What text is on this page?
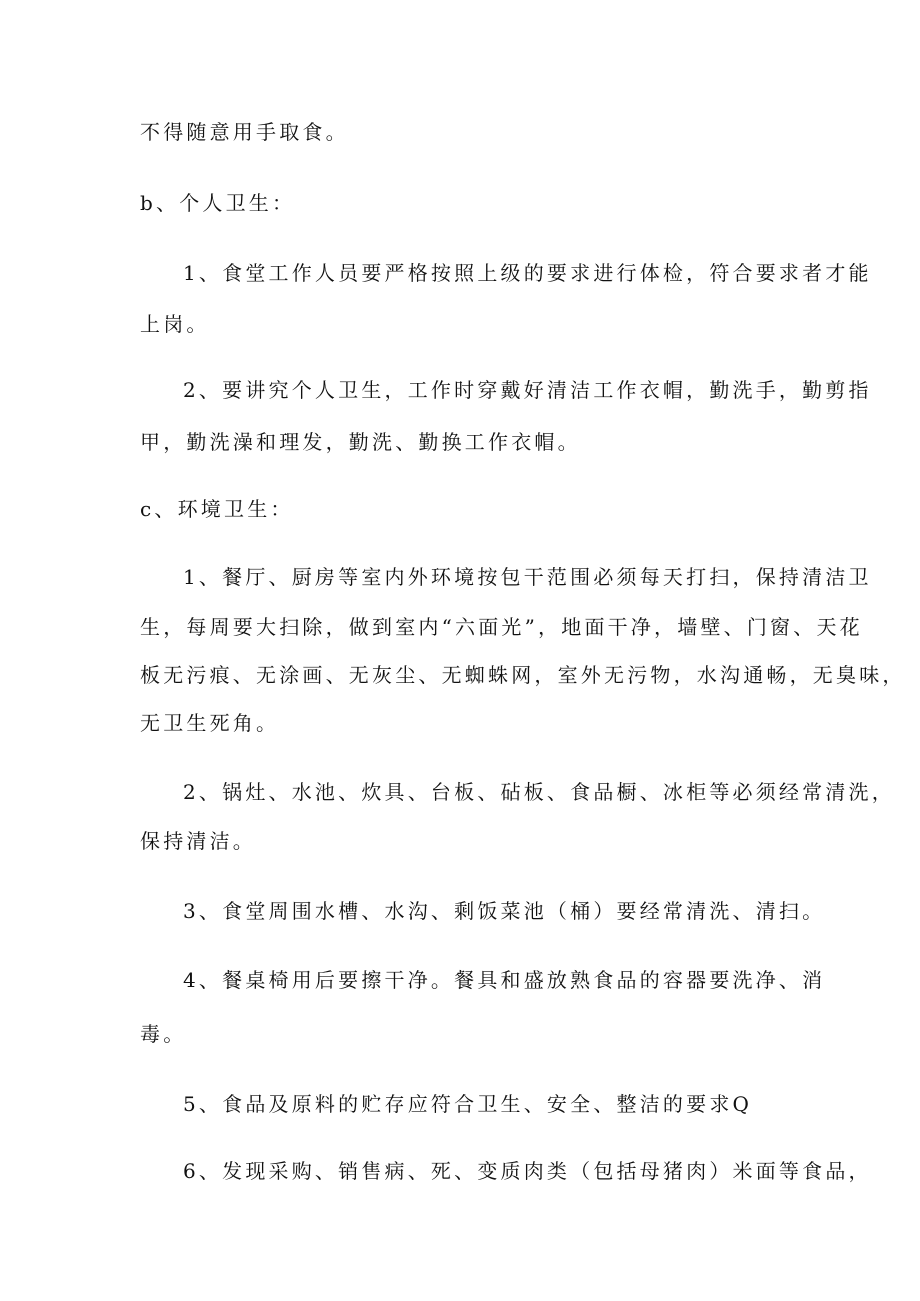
不得随意用手取食。

b、个人卫生：

1、食堂工作人员要严格按照上级的要求进行体检，符合要求者才能

上岗。

2、要讲究个人卫生，工作时穿戴好清洁工作衣帽，勤洗手，勤剪指

甲，勤洗澡和理发，勤洗、勤换工作衣帽。

c、环境卫生：

1、餐厅、厨房等室内外环境按包干范围必须每天打扫，保持清洁卫

生，每周要大扫除，做到室内“六面光”，地面干净，墙壁、门窗、天花

板无污痕、无涂画、无灰尘、无蜘蛛网，室外无污物，水沟通畅，无臭味，

无卫生死角。

2、锅灶、水池、炊具、台板、砧板、食品橱、冰柜等必须经常清洗，

保持清洁。

3、食堂周围水槽、水沟、剩饭菜池（桶）要经常清洗、清扫。

4、餐桌椅用后要擦干净。餐具和盛放熟食品的容器要洗净、消

毒。

5、食品及原料的贮存应符合卫生、安全、整洁的要求Q

6、发现采购、销售病、死、变质肉类（包括母猪肉）米面等食品，
